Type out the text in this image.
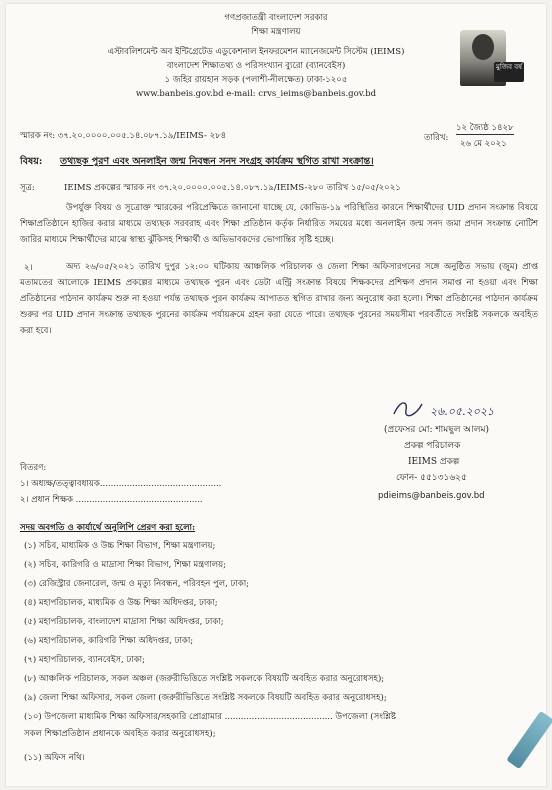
গণপ্রজাতন্ত্রী বাংলাদেশ সরকার
শিক্ষা মন্ত্রণালয়
এস্টাবলিশমেন্ট অব ইন্টিগ্রেটেড এডুকেশনাল ইনফরমেশন ম্যানেজমেন্ট সিস্টেম (IEIMS)
বাংলাদেশ শিক্ষাতথ্য ও পরিসংখ্যান ব্যুরো (ব্যানবেইস)
১ জহির রায়হান সড়ক (পলাশী-নীলক্ষেত) ঢাকা-১২০৫
www.banbeis.gov.bd e-mail: crvs_ieims@banbeis.gov.bd
মুজিব বর্ষ
স্মারক নং: ৩৭.২০.০০০০.০০৫.১৪.০৮৭.১৯/IEIMS- ২৮৪	তারিখ:
১২ জ্যৈষ্ঠ ১৪২৮
২৬ মে ২০২১
বিষয়: তথ্যছক পুরণ এবং অনলাইন জন্ম নিবন্ধন সনদ সংগ্রহ কার্যক্রম স্থগিত রাখা সংক্রান্ত।
সূত্র:	IEIMS প্রকল্পের স্মারক নং ৩৭.২০.০০০০.০০৫.১৪.০৮৭.১৯/IEIMS-২৮০ তারিখ ১৫/০৫/২০২১
উপর্যুক্ত বিষয় ও সূত্রোক্ত স্মারকের পরিপ্রেক্ষিতে জানানো যাচ্ছে যে, কোভিড-১৯ পরিস্থিতির কারনে শিক্ষার্থীদের UID প্রদান সংক্রান্ত বিষয়ে শিক্ষাপ্রতিষ্ঠানে হাজির করার মাধ্যমে তথ্যছক সরবরাহ এবং শিক্ষা প্রতিষ্ঠান কর্তৃক নির্ধারিত সময়ের মধ্যে অনলাইন জন্ম সনদ জমা প্রদান সংক্রান্ত নোটিশ জারির মাধ্যমে শিক্ষার্থীদের মাঝে স্বাস্থ্য ঝুঁকিসহ শিক্ষার্থী ও অভিভাবকদের ভোগান্তির সৃষ্টি হচ্ছে।
২।	অদ্য ২৬/০৫/২০২১ তারিখ দুপুর ১২:০০ ঘটিকায় আঞ্চলিক পরিচালক ও জেলা শিক্ষা অফিসারগনের সঙ্গে অনুষ্ঠিত সভায় (জুম) প্রাপ্ত মতামতের আলোকে IEIMS প্রকল্পের মাধ্যমে তথ্যছক পুরন এবং ডেটা এন্ট্রি সংক্রান্ত বিষয়ে শিক্ষকদের প্রশিক্ষণ প্রদান সমাপ্ত না হওয়া এবং শিক্ষা প্রতিষ্ঠানের পাঠদান কার্যক্রম শুরু না হওয়া পর্যন্ত তথ্যছক পুরন কার্যক্রম আপাতত স্থগিত রাখার জন্য অনুরোধ করা হলো। শিক্ষা প্রতিষ্ঠানের পাঠদান কার্যক্রম শুরুর পর UID প্রদান সংক্রান্ত তথ্যছক পুরনের কার্যক্রম পর্যায়ক্রমে গ্রহন করা যেতে পারে। তথ্যছক পুরনের সময়সীমা পরবর্তীতে সংশ্লিষ্ট সকলকে অবহিত করা হবে।
২৬.০৫.২০২১
(প্রফেসর মো: শামছুল আলম)
প্রকল্প পরিচালক
IEIMS প্রকল্প
ফোন- ৫৫১৩১৬২৫
pdieims@banbeis.gov.bd
বিতরণ:
১। অধ্যক্ষ/তত্ত্বাবধায়ক.............................................
২। প্রধান শিক্ষক ...............................................
সদয় অবগতি ও কার্যার্থে অনুলিপি প্রেরণ করা হলো:
(১) সচিব, মাধ্যমিক ও উচ্চ শিক্ষা বিভাগ, শিক্ষা মন্ত্রণালয়;
(২) সচিব, কারিগরি ও মাদ্রাসা শিক্ষা বিভাগ, শিক্ষা মন্ত্রণালয়;
(৩) রেজিস্ট্রার জেনারেল, জন্ম ও মৃত্যু নিবন্ধন, পরিবহন পুল, ঢাকা;
(৪) মহাপরিচালক, মাধ্যমিক ও উচ্চ শিক্ষা অধিদপ্তর, ঢাকা;
(৫) মহাপরিচালক, বাংলাদেশ মাদ্রাসা শিক্ষা অধিদপ্তর, ঢাকা;
(৬) মহাপরিচালক, কারিগরি শিক্ষা অধিদপ্তর, ঢাকা;
(৭) মহাপরিচালক, ব্যানবেইস, ঢাকা;
(৮) আঞ্চলিক পরিচালক, সকল অঞ্চল (জরুরীভিত্তিতে সংশ্লিষ্ট সকলকে বিষয়টি অবহিত করার অনুরোধসহ);
(৯) জেলা শিক্ষা অফিসার, সকল জেলা (জরুরীভিত্তিতে সংশ্লিষ্ট সকলকে বিষয়টি অবহিত করার অনুরোধসহ);
(১০) উপজেলা মাধ্যমিক শিক্ষা অফিসার/সহকারি প্রোগ্রামার ........................................ উপজেলা (সংশ্লিষ্ট
সকল শিক্ষাপ্রতিষ্ঠান প্রধানকে অবহিত করার অনুরোধসহ);
(১১) অফিস নথি।
